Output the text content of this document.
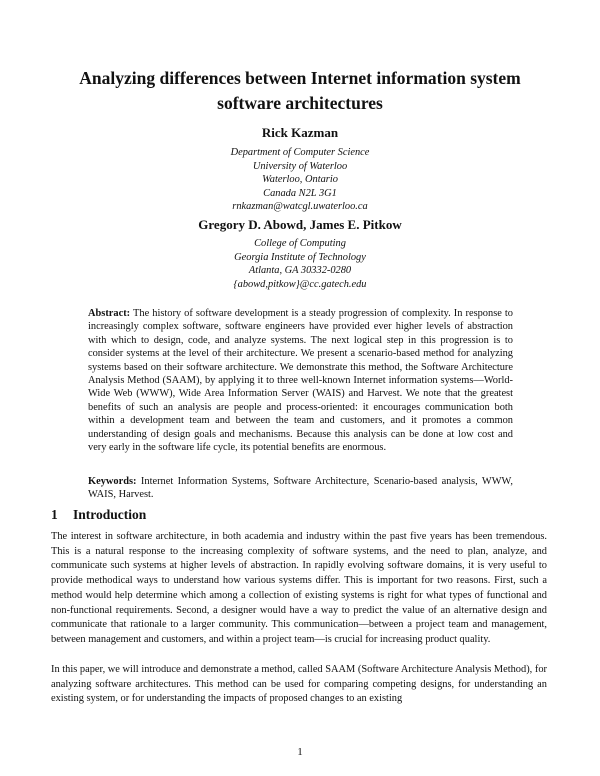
Analyzing differences between Internet information system
software architectures
Rick Kazman
Department of Computer Science
University of Waterloo
Waterloo, Ontario
Canada N2L 3G1
rnkazman@watcgl.uwaterloo.ca
Gregory D. Abowd, James E. Pitkow
College of Computing
Georgia Institute of Technology
Atlanta, GA 30332-0280
{abowd,pitkow}@cc.gatech.edu
Abstract: The history of software development is a steady progression of complexity. In response to increasingly complex software, software engineers have provided ever higher levels of abstraction with which to design, code, and analyze systems. The next logical step in this progression is to consider systems at the level of their architecture. We present a scenario-based method for analyzing systems based on their software architecture. We demonstrate this method, the Software Architecture Analysis Method (SAAM), by applying it to three well-known Internet information systems—World-Wide Web (WWW), Wide Area Information Server (WAIS) and Harvest. We note that the greatest benefits of such an analysis are people and process-oriented: it encourages communication both within a development team and between the team and customers, and it promotes a common understanding of design goals and mechanisms. Because this analysis can be done at low cost and very early in the software life cycle, its potential benefits are enormous.
Keywords: Internet Information Systems, Software Architecture, Scenario-based analysis, WWW, WAIS, Harvest.
1 Introduction
The interest in software architecture, in both academia and industry within the past five years has been tremendous. This is a natural response to the increasing complexity of software systems, and the need to plan, analyze, and communicate such systems at higher levels of abstraction. In rapidly evolving software domains, it is very useful to provide methodical ways to understand how various systems differ. This is important for two reasons. First, such a method would help determine which among a collection of existing systems is right for what types of functional and non-functional requirements. Second, a designer would have a way to predict the value of an alternative design and communicate that rationale to a larger community. This communication—between a project team and management, between management and customers, and within a project team—is crucial for increasing product quality.
In this paper, we will introduce and demonstrate a method, called SAAM (Software Architecture Analysis Method), for analyzing software architectures. This method can be used for comparing competing designs, for understanding an existing system, or for understanding the impacts of proposed changes to an existing
1
